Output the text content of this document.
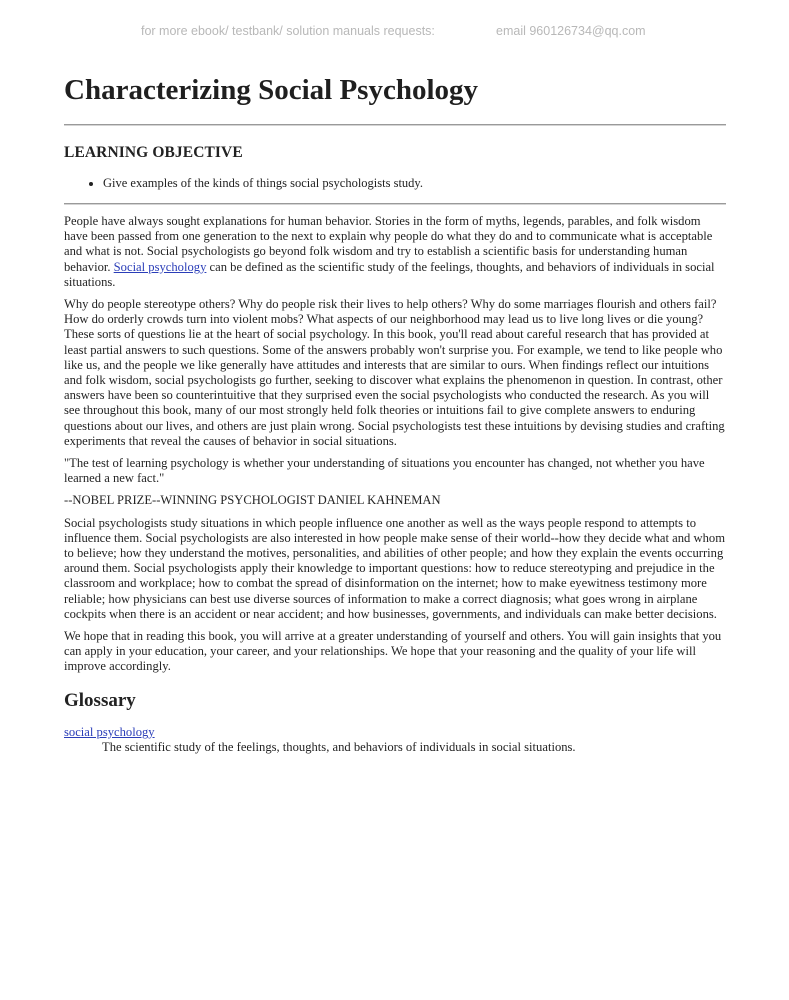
for more ebook/ testbank/ solution manuals requests:	email 960126734@qq.com
Characterizing Social Psychology
LEARNING OBJECTIVE
• Give examples of the kinds of things social psychologists study.

People have always sought explanations for human behavior. Stories in the form of myths, legends, parables, and folk wisdom have been passed from one generation to the next to explain why people do what they do and to communicate what is acceptable and what is not. Social psychologists go beyond folk wisdom and try to establish a scientific basis for understanding human behavior. Social psychology can be defined as the scientific study of the feelings, thoughts, and behaviors of individuals in social situations.

Why do people stereotype others? Why do people risk their lives to help others? Why do some marriages flourish and others fail? How do orderly crowds turn into violent mobs? What aspects of our neighborhood may lead us to live long lives or die young? These sorts of questions lie at the heart of social psychology. In this book, you'll read about careful research that has provided at least partial answers to such questions. Some of the answers probably won't surprise you. For example, we tend to like people who like us, and the people we like generally have attitudes and interests that are similar to ours. When findings reflect our intuitions and folk wisdom, social psychologists go further, seeking to discover what explains the phenomenon in question. In contrast, other answers have been so counterintuitive that they surprised even the social psychologists who conducted the research. As you will see throughout this book, many of our most strongly held folk theories or intuitions fail to give complete answers to enduring questions about our lives, and others are just plain wrong. Social psychologists test these intuitions by devising studies and crafting experiments that reveal the causes of behavior in social situations.

"The test of learning psychology is whether your understanding of situations you encounter has changed, not whether you have learned a new fact."

--NOBEL PRIZE--WINNING PSYCHOLOGIST DANIEL KAHNEMAN

Social psychologists study situations in which people influence one another as well as the ways people respond to attempts to influence them. Social psychologists are also interested in how people make sense of their world--how they decide what and whom to believe; how they understand the motives, personalities, and abilities of other people; and how they explain the events occurring around them. Social psychologists apply their knowledge to important questions: how to reduce stereotyping and prejudice in the classroom and workplace; how to combat the spread of disinformation on the internet; how to make eyewitness testimony more reliable; how physicians can best use diverse sources of information to make a correct diagnosis; what goes wrong in airplane cockpits when there is an accident or near accident; and how businesses, governments, and individuals can make better decisions.

We hope that in reading this book, you will arrive at a greater understanding of yourself and others. You will gain insights that you can apply in your education, your career, and your relationships. We hope that your reasoning and the quality of your life will improve accordingly.

Glossary
social psychology
The scientific study of the feelings, thoughts, and behaviors of individuals in social situations.
